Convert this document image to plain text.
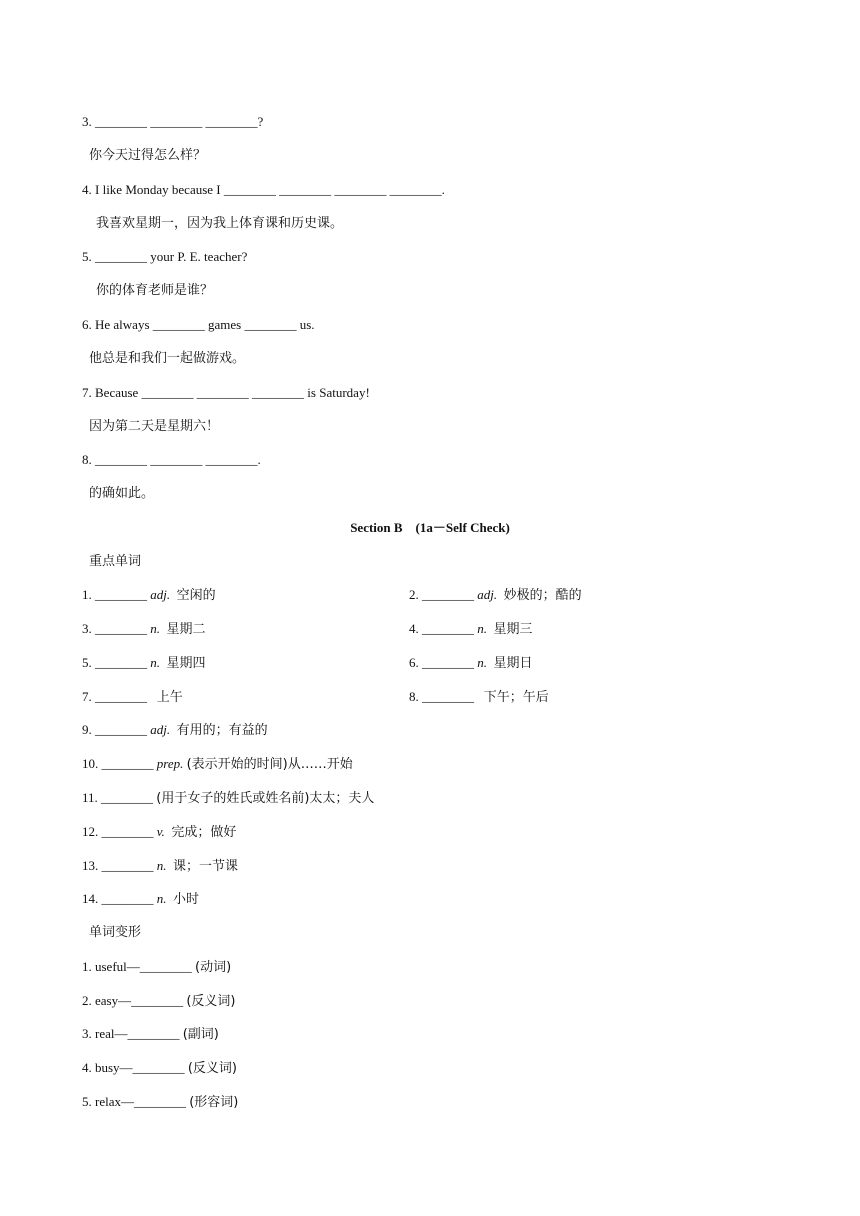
3. ________ ________ ________?
你今天过得怎么样？
4. I like Monday because I ________ ________ ________ ________.
我喜欢星期一，因为我上体育课和历史课。
5. ________ your P. E. teacher?
你的体育老师是谁？
6. He always ________ games ________ us.
他总是和我们一起做游戏。
7. Because ________ ________ ________ is Saturday!
因为第二天是星期六！
8. ________ ________ ________.
的确如此。
Section B　(1a－Self Check)
重点单词
1. ________ adj. 空闲的	2. ________ adj. 妙极的；酷的
3. ________ n. 星期二	4. ________ n. 星期三
5. ________ n. 星期四	6. ________ n. 星期日
7. ________ 上午	8. ________ 下午；午后
9. ________ adj. 有用的；有益的
10. ________ prep. (表示开始的时间)从……开始
11. ________ (用于女子的姓氏或姓名前)太太；夫人
12. ________ v. 完成；做好
13. ________ n. 课；一节课
14. ________ n. 小时
单词变形
1. useful—________ (动词)
2. easy—________ (反义词)
3. real—________ (副词)
4. busy—________ (反义词)
5. relax—________ (形容词)
